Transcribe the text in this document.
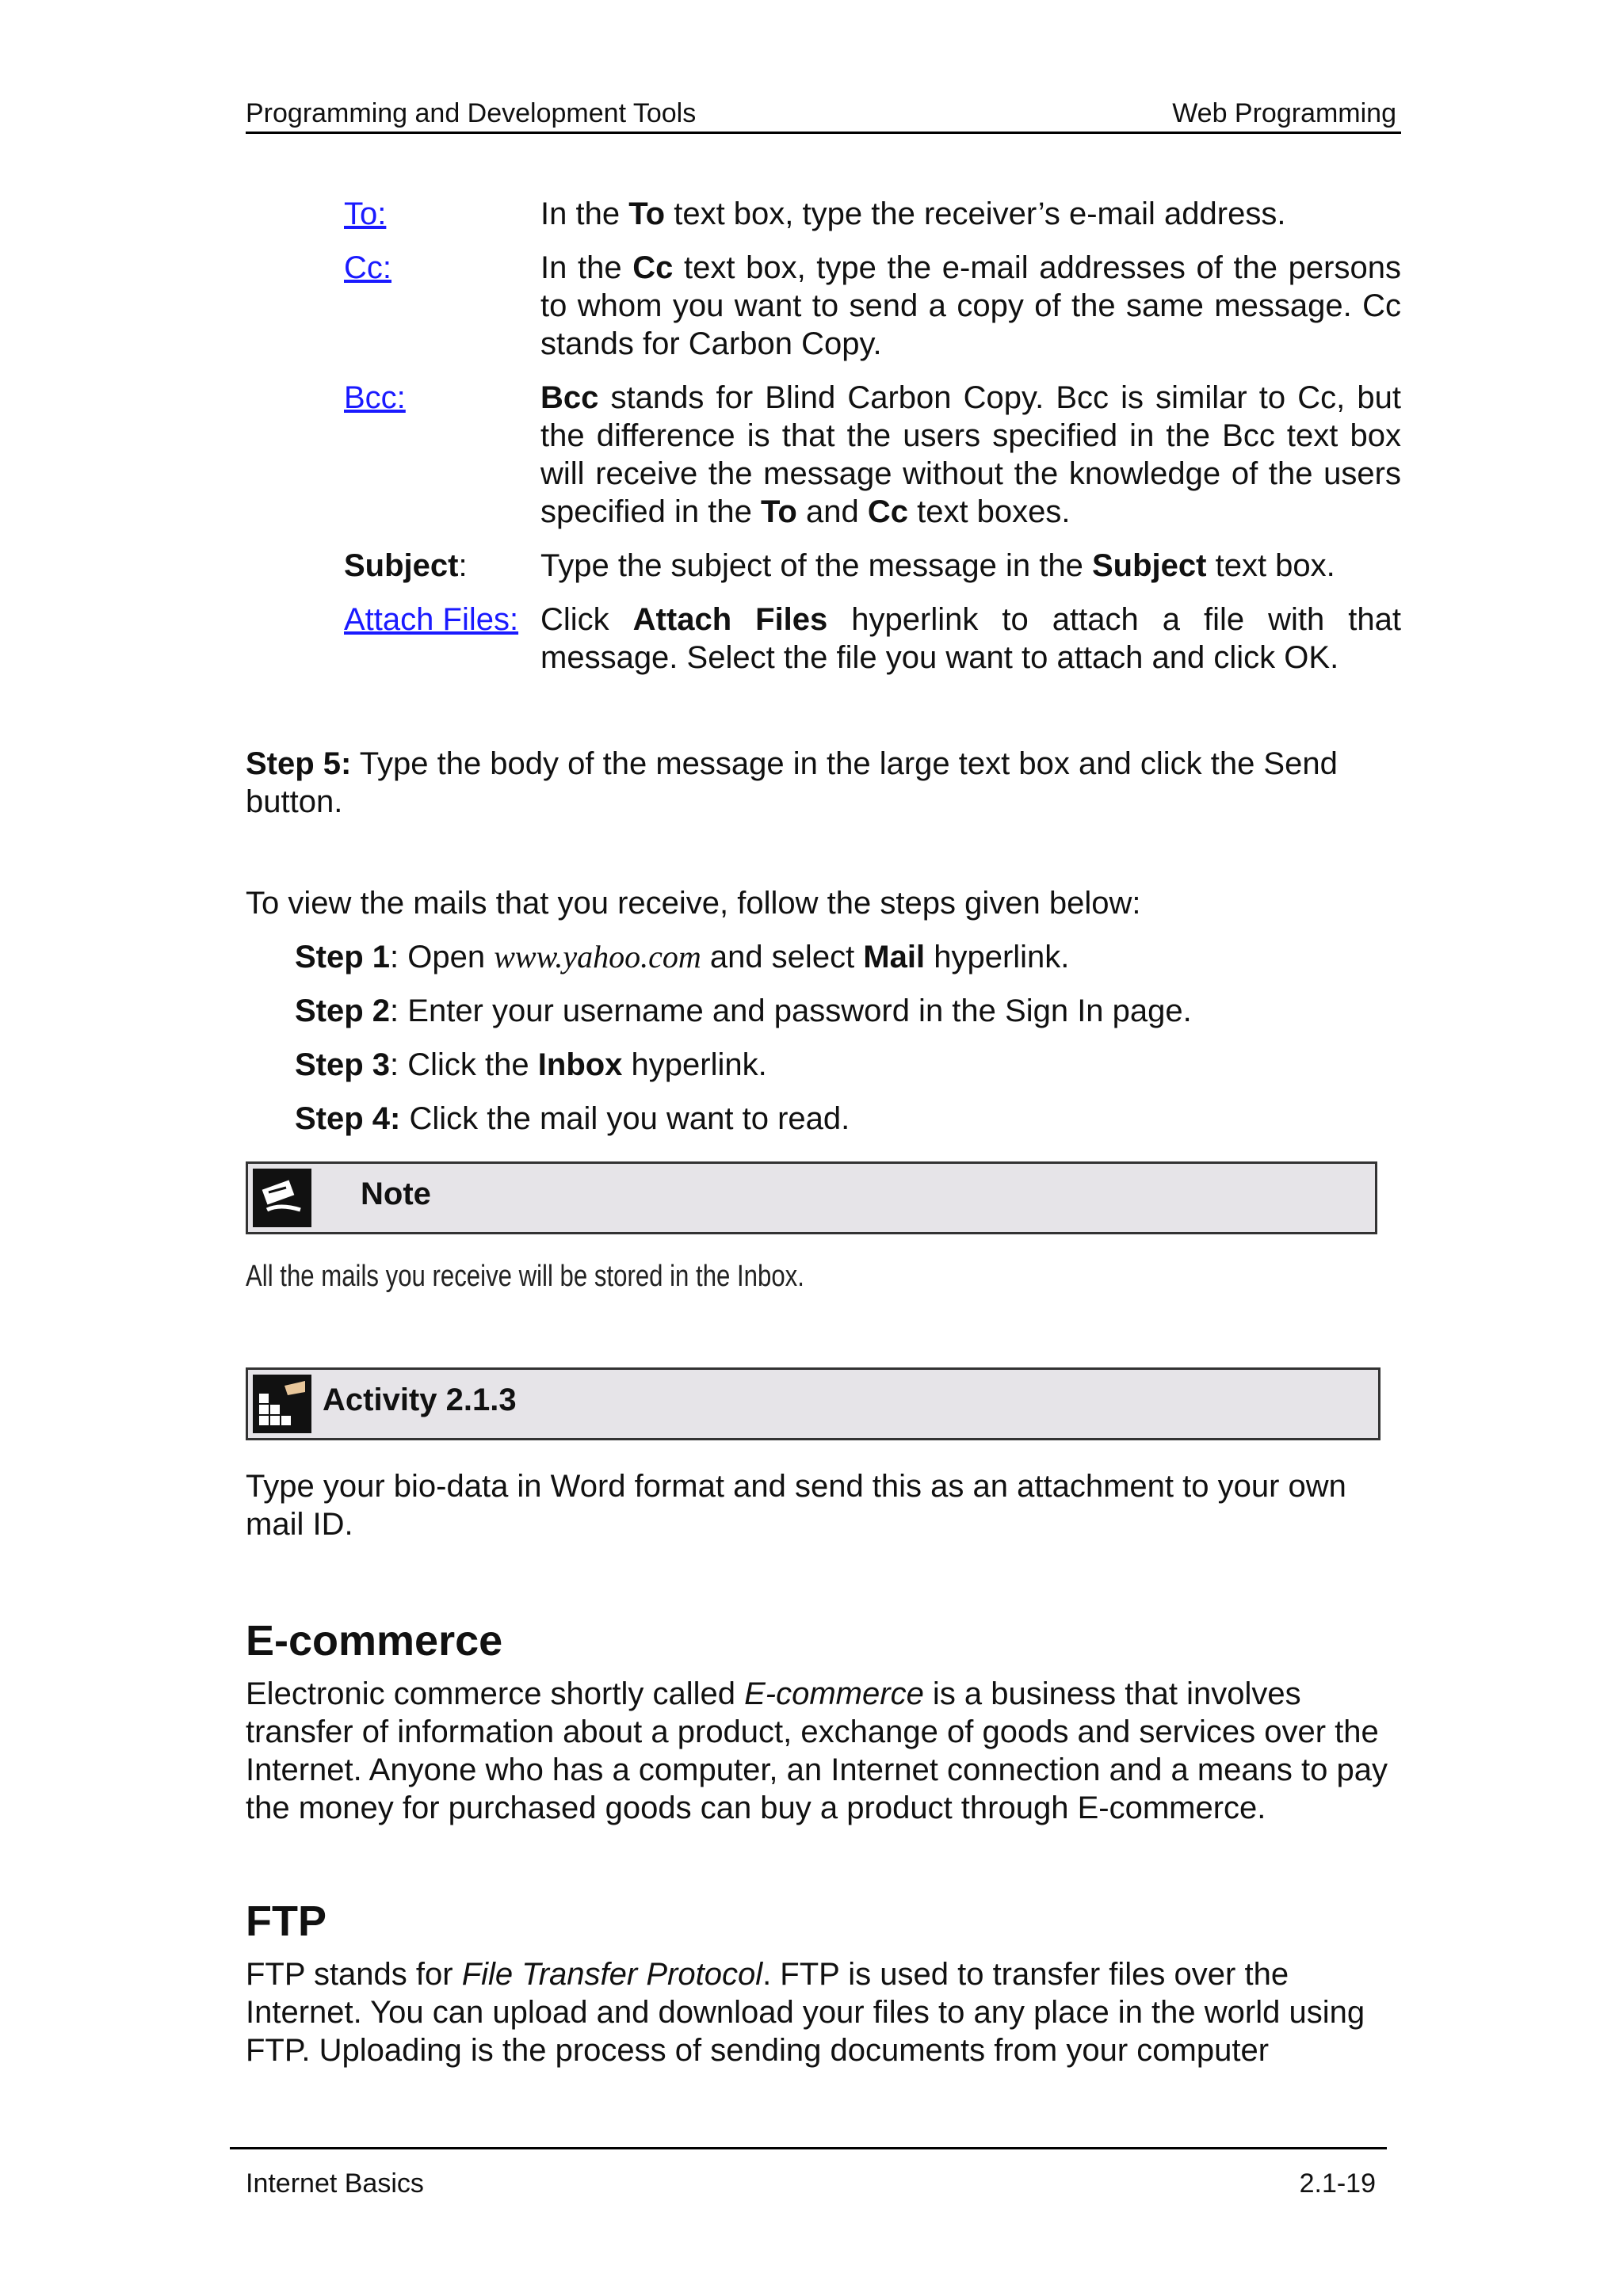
Programming and Development Tools	Web Programming
To:	In the To text box, type the receiver’s e-mail address.
Cc:	In the Cc text box, type the e-mail addresses of the persons to whom you want to send a copy of the same message. Cc stands for Carbon Copy.
Bcc:	Bcc stands for Blind Carbon Copy. Bcc is similar to Cc, but the difference is that the users specified in the Bcc text box will receive the message without the knowledge of the users specified in the To and Cc text boxes.
Subject:	Type the subject of the message in the Subject text box.
Attach Files: Click Attach Files hyperlink to attach a file with that message. Select the file you want to attach and click OK.
Step 5: Type the body of the message in the large text box and click the Send button.
To view the mails that you receive, follow the steps given below:
Step 1: Open www.yahoo.com and select Mail hyperlink.
Step 2: Enter your username and password in the Sign In page.
Step 3: Click the Inbox hyperlink.
Step 4: Click the mail you want to read.
Note
All the mails you receive will be stored in the Inbox.
Activity 2.1.3
Type your bio-data in Word format and send this as an attachment to your own mail ID.
E-commerce
Electronic commerce shortly called E-commerce is a business that involves transfer of information about a product, exchange of goods and services over the Internet. Anyone who has a computer, an Internet connection and a means to pay the money for purchased goods can buy a product through E-commerce.
FTP
FTP stands for File Transfer Protocol. FTP is used to transfer files over the Internet. You can upload and download your files to any place in the world using FTP. Uploading is the process of sending documents from your computer
Internet Basics	2.1-19
